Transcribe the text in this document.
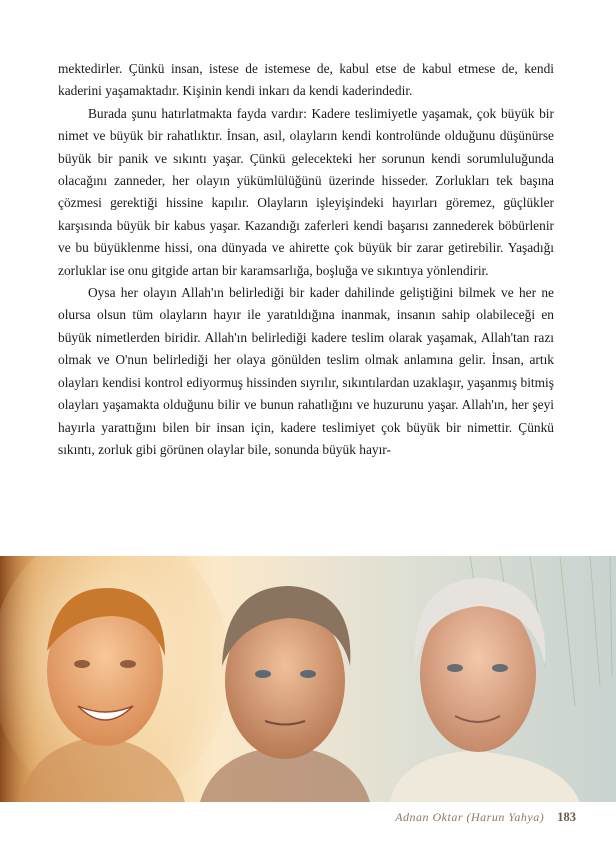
mektedirler. Çünkü insan, istese de istemese de, kabul etse de kabul etmese de, kendi kaderini yaşamaktadır. Kişinin kendi inkarı da kendi kaderindedir.

Burada şunu hatırlatmakta fayda vardır: Kadere teslimiyetle yaşamak, çok büyük bir nimet ve büyük bir rahatlıktır. İnsan, asıl, olayların kendi kontrolünde olduğunu düşünürse büyük bir panik ve sıkıntı yaşar. Çünkü gelecekteki her sorunun kendi sorumluluğunda olacağını zanneder, her olayın yükümlülüğünü üzerinde hisseder. Zorlukları tek başına çözmesi gerektiği hissine kapılır. Olayların işleyişindeki hayırları göremez, güçlükler karşısında büyük bir kabus yaşar. Kazandığı zaferleri kendi başarısı zannederek böbürlenir ve bu büyüklenme hissi, ona dünyada ve ahirette çok büyük bir zarar getirebilir. Yaşadığı zorluklar ise onu gitgide artan bir karamsarlığa, boşluğa ve sıkıntıya yönlendirir.

Oysa her olayın Allah'ın belirlediği bir kader dahilinde geliştiğini bilmek ve her ne olursa olsun tüm olayların hayır ile yaratıldığına inanmak, insanın sahip olabileceği en büyük nimetlerden biridir. Allah'ın belirlediği kadere teslim olarak yaşamak, Allah'tan razı olmak ve O'nun belirlediği her olaya gönülden teslim olmak anlamına gelir. İnsan, artık olayları kendisi kontrol ediyormuş hissinden sıyrılır, sıkıntılardan uzaklaşır, yaşanmış bitmiş olayları yaşamakta olduğunu bilir ve bunun rahatlığını ve huzurunu yaşar. Allah'ın, her şeyi hayırla yarattığını bilen bir insan için, kadere teslimiyet çok büyük bir nimettir. Çünkü sıkıntı, zorluk gibi görünen olaylar bile, sonunda büyük hayır-

Adnan Oktar (Harun Yahya) 183
